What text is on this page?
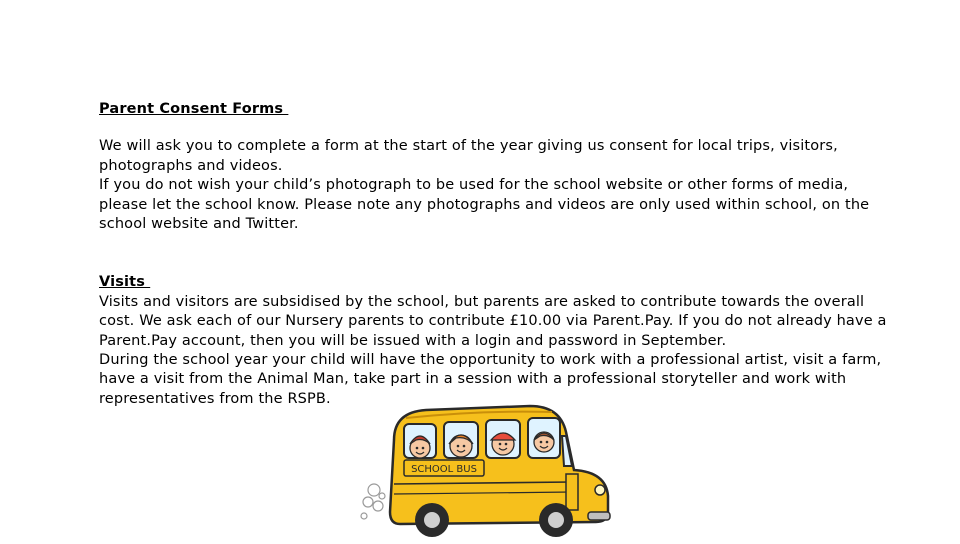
Parent Consent Forms
We will ask you to complete a form at the start of the year giving us consent for local trips, visitors, photographs and videos.
If you do not wish your child’s photograph to be used for the school website or other forms of media, please let the school know. Please note any photographs and videos are only used within school, on the school website and Twitter.
Visits
Visits and visitors are subsidised by the school, but parents are asked to contribute towards the overall cost. We ask each of our Nursery parents to contribute £10.00 via Parent.Pay. If you do not already have a Parent.Pay account, then you will be issued with a login and password in September.
During the school year your child will have the opportunity to work with a professional artist, visit a farm, have a visit from the Animal Man, take part in a session with a professional storyteller and work with representatives from the RSPB.
SCHOOL BUS
